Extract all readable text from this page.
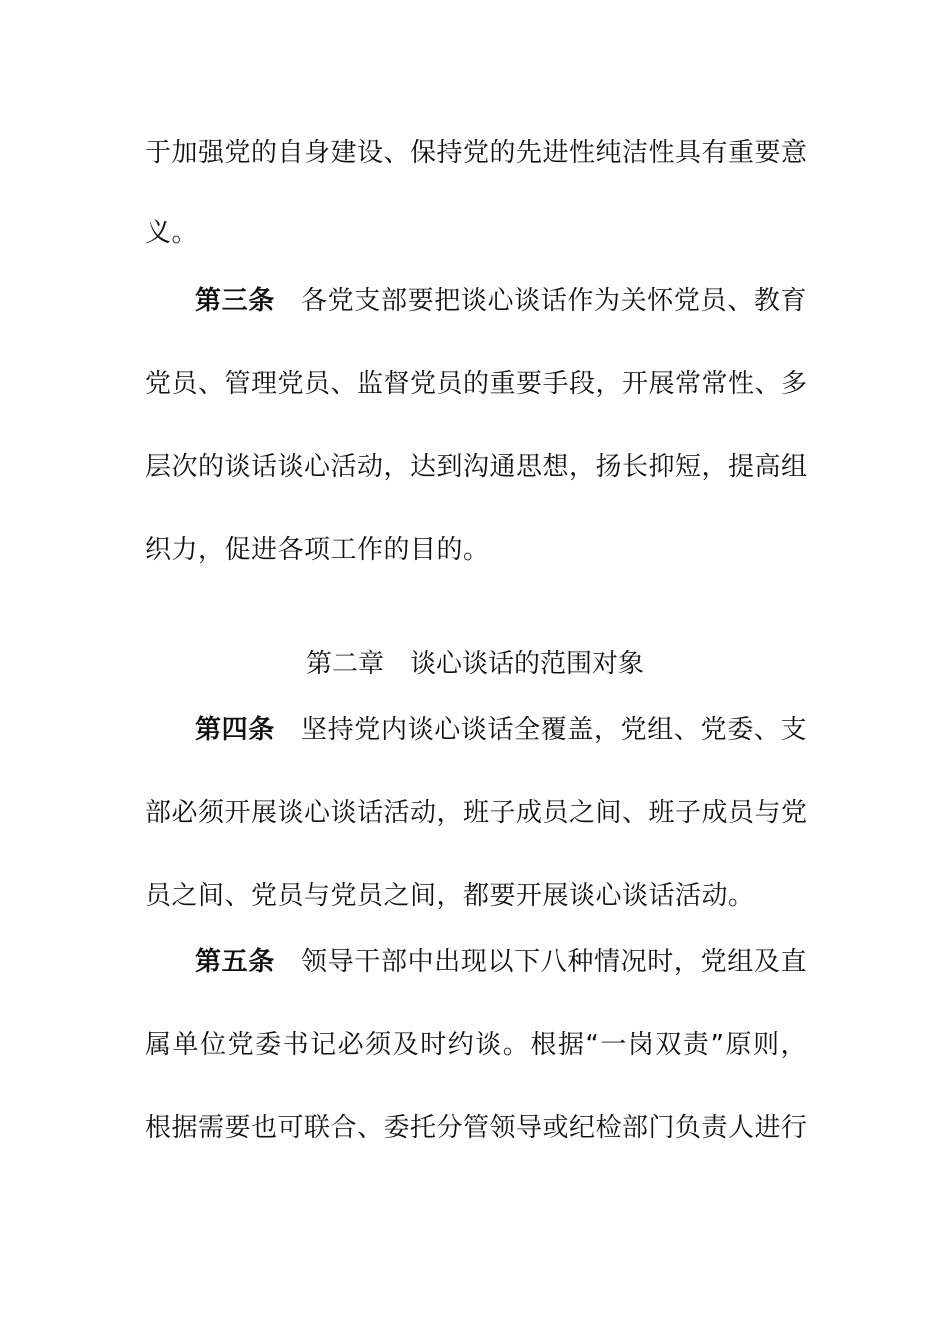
于加强党的自身建设、保持党的先进性纯洁性具有重要意
义。
第三条 各党支部要把谈心谈话作为关怀党员、教育
党员、管理党员、监督党员的重要手段，开展常常性、多
层次的谈话谈心活动，达到沟通思想，扬长抑短，提高组
织力，促进各项工作的目的。
第二章　谈心谈话的范围对象
第四条 坚持党内谈心谈话全覆盖，党组、党委、支
部必须开展谈心谈话活动，班子成员之间、班子成员与党
员之间、党员与党员之间，都要开展谈心谈话活动。
第五条 领导干部中出现以下八种情况时，党组及直
属单位党委书记必须及时约谈。根据“一岗双责”原则，
根据需要也可联合、委托分管领导或纪检部门负责人进行
